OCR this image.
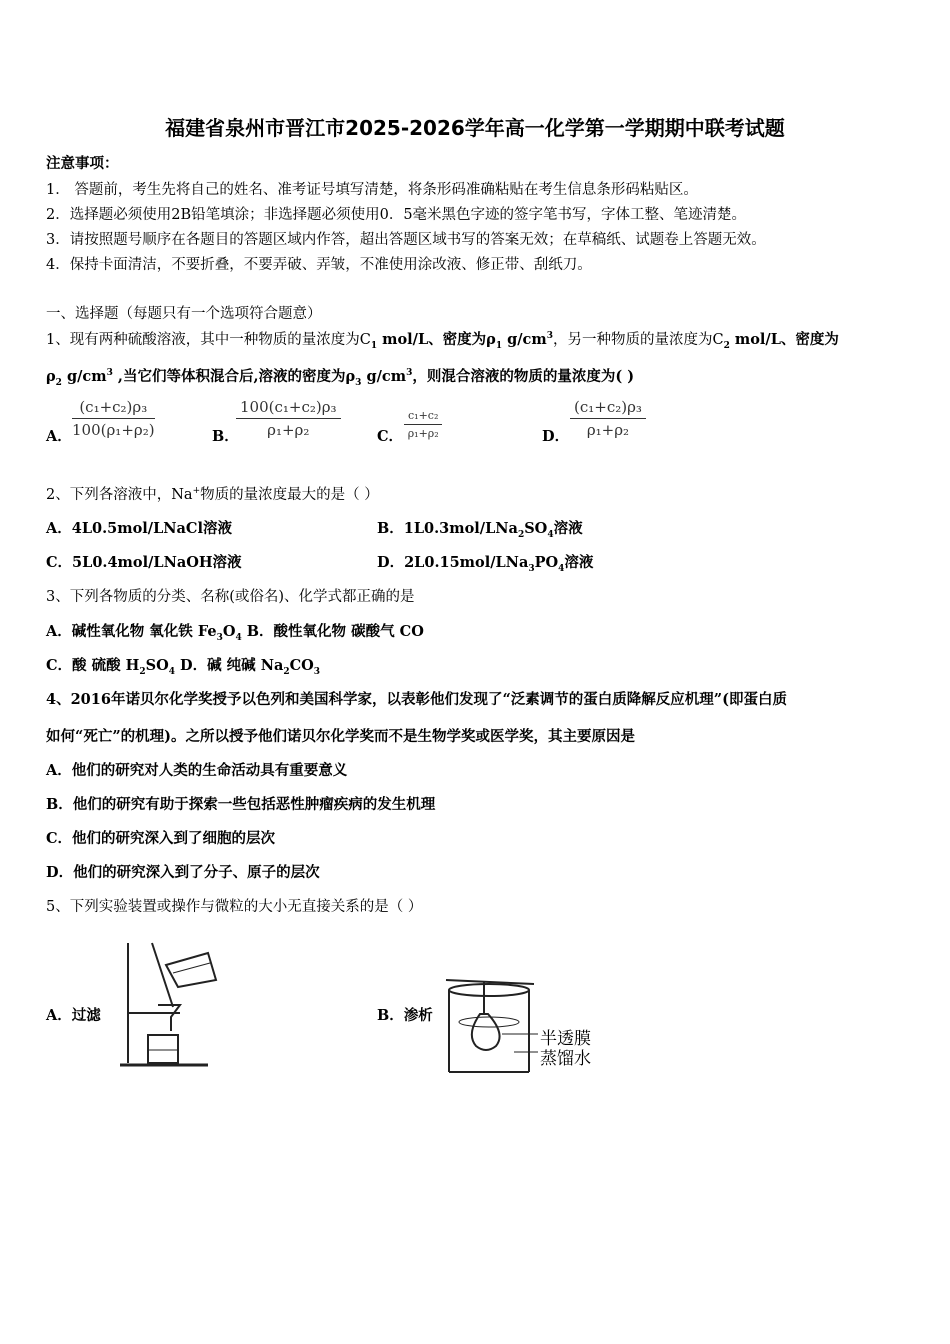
福建省泉州市晋江市2025-2026学年高一化学第一学期期中联考试题
注意事项：
1． 答题前，考生先将自己的姓名、准考证号填写清楚，将条形码准确粘贴在考生信息条形码粘贴区。
2．选择题必须使用2B铅笔填涂；非选择题必须使用0．5毫米黑色字迹的签字笔书写，字体工整、笔迹清楚。
3．请按照题号顺序在各题目的答题区域内作答，超出答题区域书写的答案无效；在草稿纸、试题卷上答题无效。
4．保持卡面清洁，不要折叠，不要弄破、弄皱，不准使用涂改液、修正带、刮纸刀。
一、选择题（每题只有一个选项符合题意）
1、现有两种硫酸溶液，其中一种物质的量浓度为$C_1$ mol/L、密度为$\rho_1$ $g/cm^3$，另一种物质的量浓度为$C_2$ mol/L、密度为
$\rho_2$ $g/cm^3$ ,当它们等体积混合后,溶液的密度为$\rho_3$ $g/cm^3$，则混合溶液的物质的量浓度为( )
A． $\frac{\text{(c₁+c₂)ρ₃}}{\text{100(ρ₁+ρ₂)}}$	B．
$\frac{\text{100(c₁+c₂)ρ₃}}{\text{ρ₁+ρ₂}}$	C． $\frac{\text{c₁+c₂}}{\text{ρ₁+ρ₂}}$	D． $\frac{\text{(c₁+c₂)ρ₃}}{\text{ρ₁+ρ₂}}$
2、下列各溶液中，Na+物质的量浓度最大的是（ ）
A．4L0.5mol/LNaCl溶液	B．$1L0.3mol/LNa_2SO_4$溶液
C．5L0.4mol/LNaOH溶液	D．$2L0.15mol/LNa_3PO_4$溶液
3、下列各物质的分类、名称(或俗名)、化学式都正确的是
A．碱性氧化物 氧化铁 $Fe_3O_4$ B．酸性氧化物 碳酸气 CO
C．酸 硫酸 $H_2SO_4$ D．碱 纯碱 $Na_2CO_3$
4、2016年诺贝尔化学奖授予以色列和美国科学家，以表彰他们发现了“泛素调节的蛋白质降解反应机理”(即蛋白质
如何“死亡”的机理)。之所以授予他们诺贝尔化学奖而不是生物学奖或医学奖，其主要原因是
A．他们的研究对人类的生命活动具有重要意义
B．他们的研究有助于探索一些包括恶性肿瘤疾病的发生机理
C．他们的研究深入到了细胞的层次
D．他们的研究深入到了分子、原子的层次
5、下列实验装置或操作与微粒的大小无直接关系的是（ ）
A．过滤	B．渗析
半透膜
蒸馏水
